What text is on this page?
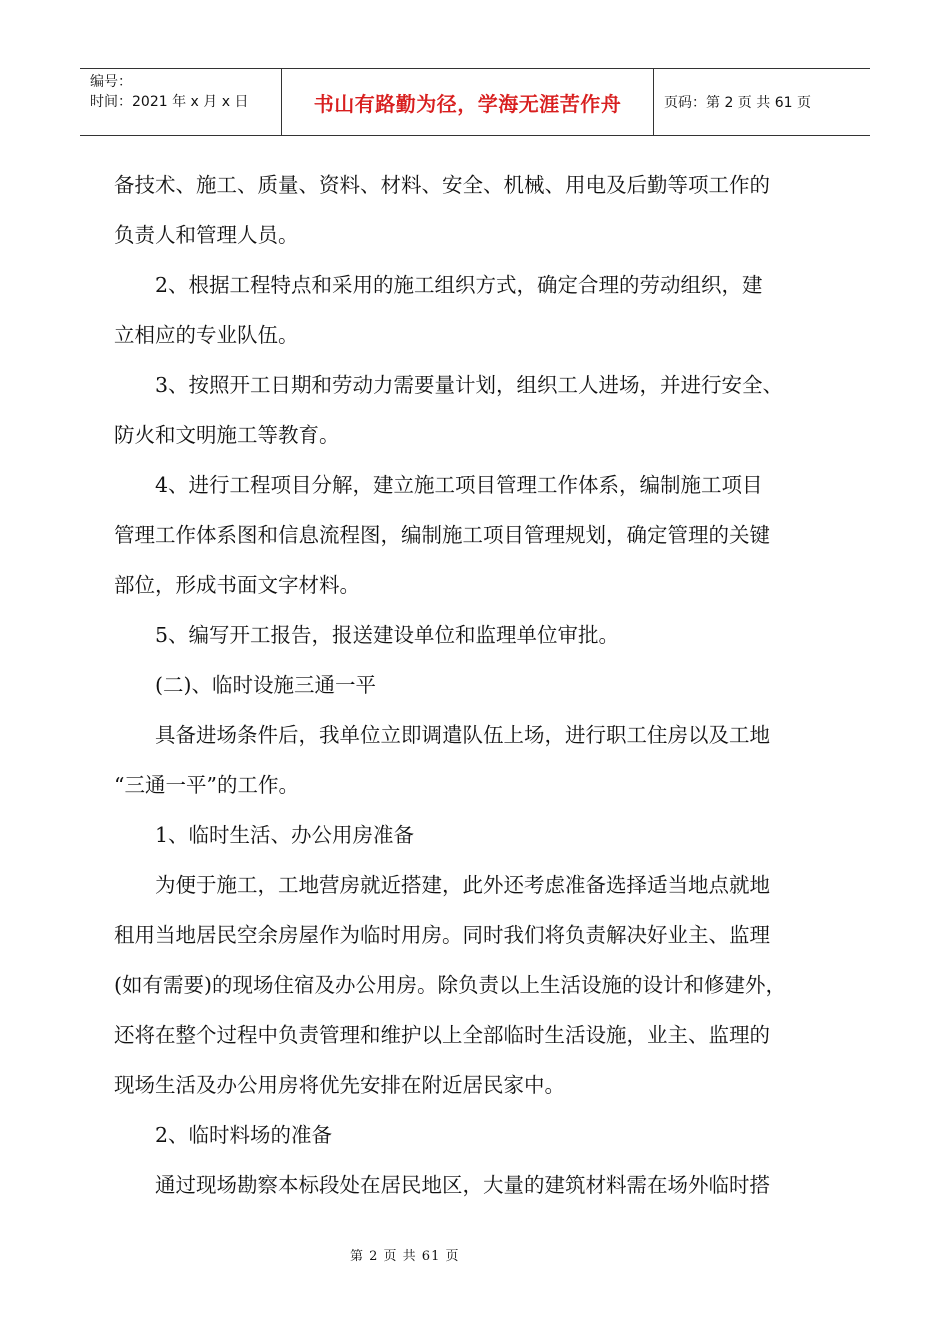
编号：
时间：2021 年 x 月 x 日	书山有路勤为径，学海无涯苦作舟	页码：第 2 页 共 61 页

备技术、施工、质量、资料、材料、安全、机械、用电及后勤等项工作的

负责人和管理人员。

　　2、根据工程特点和采用的施工组织方式，确定合理的劳动组织，建

立相应的专业队伍。

　　3、按照开工日期和劳动力需要量计划，组织工人进场，并进行安全、

防火和文明施工等教育。

　　4、进行工程项目分解，建立施工项目管理工作体系，编制施工项目

管理工作体系图和信息流程图，编制施工项目管理规划，确定管理的关键

部位，形成书面文字材料。

　　5、编写开工报告，报送建设单位和监理单位审批。

　　(二)、临时设施三通一平

　　具备进场条件后，我单位立即调遣队伍上场，进行职工住房以及工地

“三通一平”的工作。

　　1、临时生活、办公用房准备

　　为便于施工，工地营房就近搭建，此外还考虑准备选择适当地点就地

租用当地居民空余房屋作为临时用房。同时我们将负责解决好业主、监理

(如有需要)的现场住宿及办公用房。除负责以上生活设施的设计和修建外，

还将在整个过程中负责管理和维护以上全部临时生活设施，业主、监理的

现场生活及办公用房将优先安排在附近居民家中。

　　2、临时料场的准备

　　通过现场勘察本标段处在居民地区，大量的建筑材料需在场外临时搭

第 2 页 共 61 页
